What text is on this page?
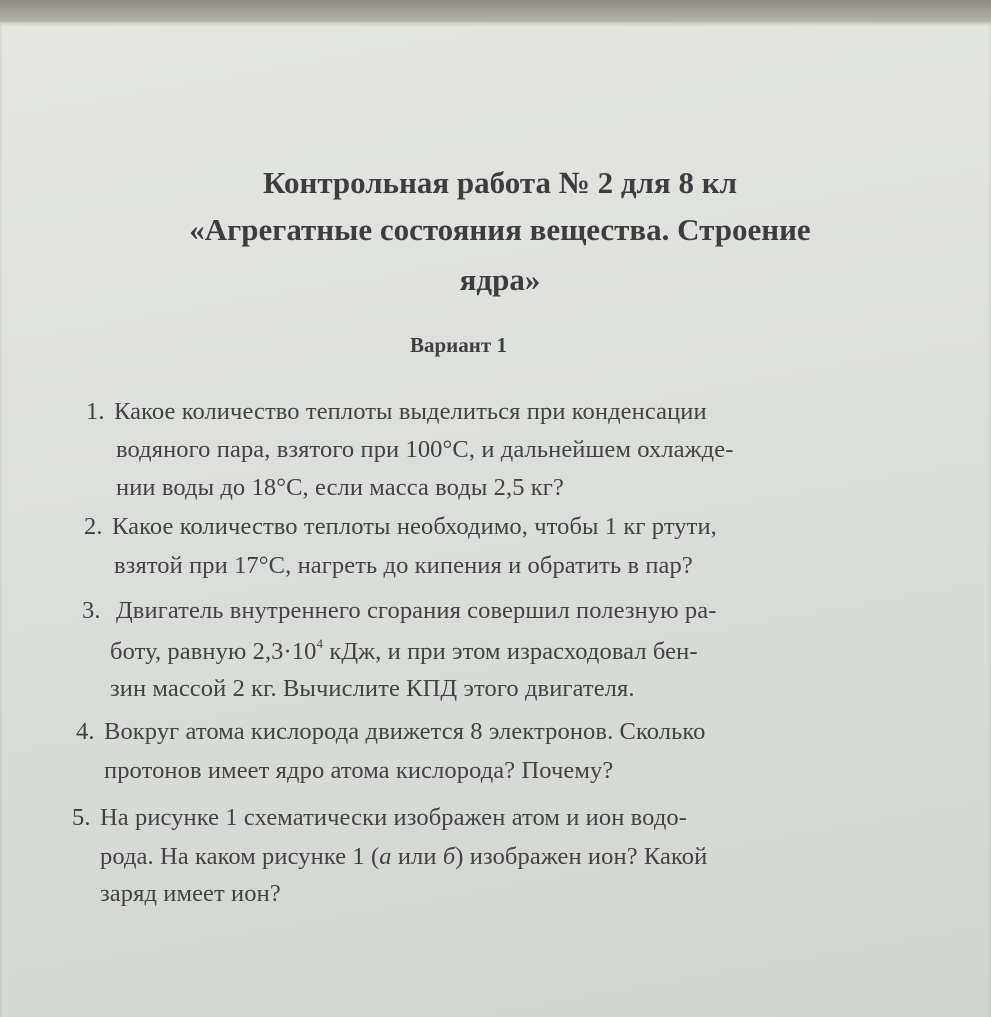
Контрольная работа № 2 для 8 кл
«Агрегатные состояния вещества. Строение
ядра»
Вариант 1
1. Какое количество теплоты выделиться при конденсации
водяного пара, взятого при 100°С, и дальнейшем охлажде-
нии воды до 18°С, если масса воды 2,5 кг?
2. Какое количество теплоты необходимо, чтобы 1 кг ртути,
взятой при 17°С, нагреть до кипения и обратить в пар?
3. Двигатель внутреннего сгорания совершил полезную ра-
боту, равную $2,3\cdot 10^4$ кДж, и при этом израсходовал бен-
зин массой 2 кг. Вычислите КПД этого двигателя.
4. Вокруг атома кислорода движется 8 электронов. Сколько
протонов имеет ядро атома кислорода? Почему?
5. На рисунке 1 схематически изображен атом и ион водо-
рода. На каком рисунке 1 (а или б) изображен ион? Какой
заряд имеет ион?
